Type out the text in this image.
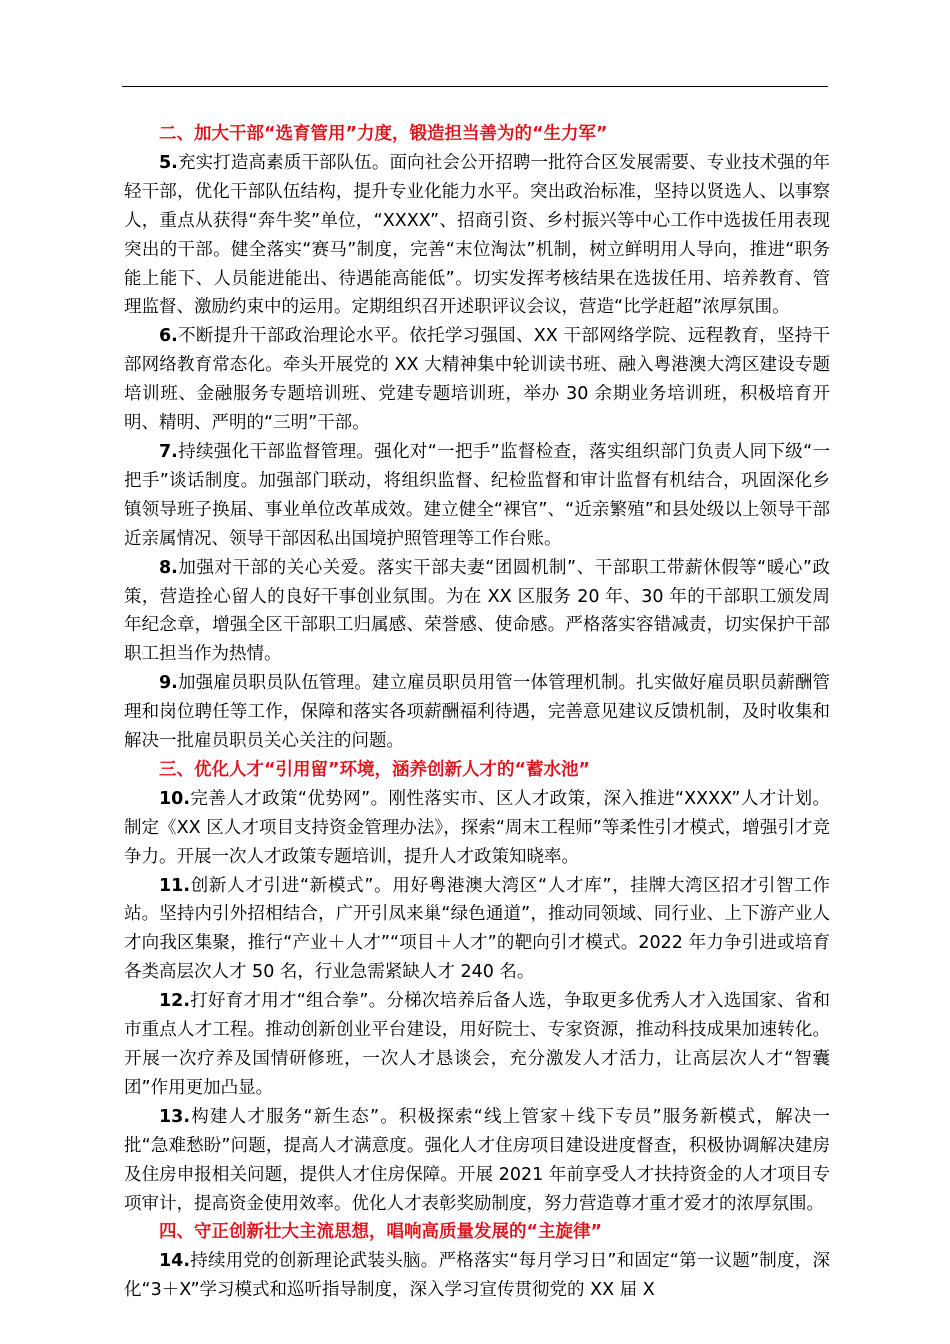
二、加大干部“选育管用”力度，锻造担当善为的“生力军”

5.充实打造高素质干部队伍。面向社会公开招聘一批符合区发展需要、专业技术强的年轻干部，优化干部队伍结构，提升专业化能力水平。突出政治标准，坚持以贤选人、以事察人，重点从获得“奔牛奖”单位，“XXXX”、招商引资、乡村振兴等中心工作中选拔任用表现突出的干部。健全落实“赛马”制度，完善“末位淘汰”机制，树立鲜明用人导向，推进“职务能上能下、人员能进能出、待遇能高能低”。切实发挥考核结果在选拔任用、培养教育、管理监督、激励约束中的运用。定期组织召开述职评议会议，营造“比学赶超”浓厚氛围。

6.不断提升干部政治理论水平。依托学习强国、XX 干部网络学院、远程教育，坚持干部网络教育常态化。牵头开展党的 XX 大精神集中轮训读书班、融入粤港澳大湾区建设专题培训班、金融服务专题培训班、党建专题培训班，举办 30 余期业务培训班，积极培育开明、精明、严明的“三明”干部。

7.持续强化干部监督管理。强化对“一把手”监督检查，落实组织部门负责人同下级“一把手”谈话制度。加强部门联动，将组织监督、纪检监督和审计监督有机结合，巩固深化乡镇领导班子换届、事业单位改革成效。建立健全“裸官”、“近亲繁殖”和县处级以上领导干部近亲属情况、领导干部因私出国境护照管理等工作台账。

8.加强对干部的关心关爱。落实干部夫妻“团圆机制”、干部职工带薪休假等“暖心”政策，营造拴心留人的良好干事创业氛围。为在 XX 区服务 20 年、30 年的干部职工颁发周年纪念章，增强全区干部职工归属感、荣誉感、使命感。严格落实容错减责，切实保护干部职工担当作为热情。

9.加强雇员职员队伍管理。建立雇员职员用管一体管理机制。扎实做好雇员职员薪酬管理和岗位聘任等工作，保障和落实各项薪酬福利待遇，完善意见建议反馈机制，及时收集和解决一批雇员职员关心关注的问题。

三、优化人才“引用留”环境，涵养创新人才的“蓄水池”

10.完善人才政策“优势网”。刚性落实市、区人才政策，深入推进“XXXX”人才计划。制定《XX 区人才项目支持资金管理办法》，探索“周末工程师”等柔性引才模式，增强引才竞争力。开展一次人才政策专题培训，提升人才政策知晓率。

11.创新人才引进“新模式”。用好粤港澳大湾区“人才库”，挂牌大湾区招才引智工作站。坚持内引外招相结合，广开引凤来巢“绿色通道”，推动同领域、同行业、上下游产业人才向我区集聚，推行“产业＋人才”“项目＋人才”的靶向引才模式。2022 年力争引进或培育各类高层次人才 50 名，行业急需紧缺人才 240 名。

12.打好育才用才“组合拳”。分梯次培养后备人选，争取更多优秀人才入选国家、省和市重点人才工程。推动创新创业平台建设，用好院士、专家资源，推动科技成果加速转化。开展一次疗养及国情研修班，一次人才恳谈会，充分激发人才活力，让高层次人才“智囊团”作用更加凸显。

13.构建人才服务“新生态”。积极探索“线上管家＋线下专员”服务新模式，解决一批“急难愁盼”问题，提高人才满意度。强化人才住房项目建设进度督查，积极协调解决建房及住房申报相关问题，提供人才住房保障。开展 2021 年前享受人才扶持资金的人才项目专项审计，提高资金使用效率。优化人才表彰奖励制度，努力营造尊才重才爱才的浓厚氛围。

四、守正创新壮大主流思想，唱响高质量发展的“主旋律”

14.持续用党的创新理论武装头脑。严格落实“每月学习日”和固定“第一议题”制度，深化“3＋X”学习模式和巡听指导制度，深入学习宣传贯彻党的 XX 届 X
